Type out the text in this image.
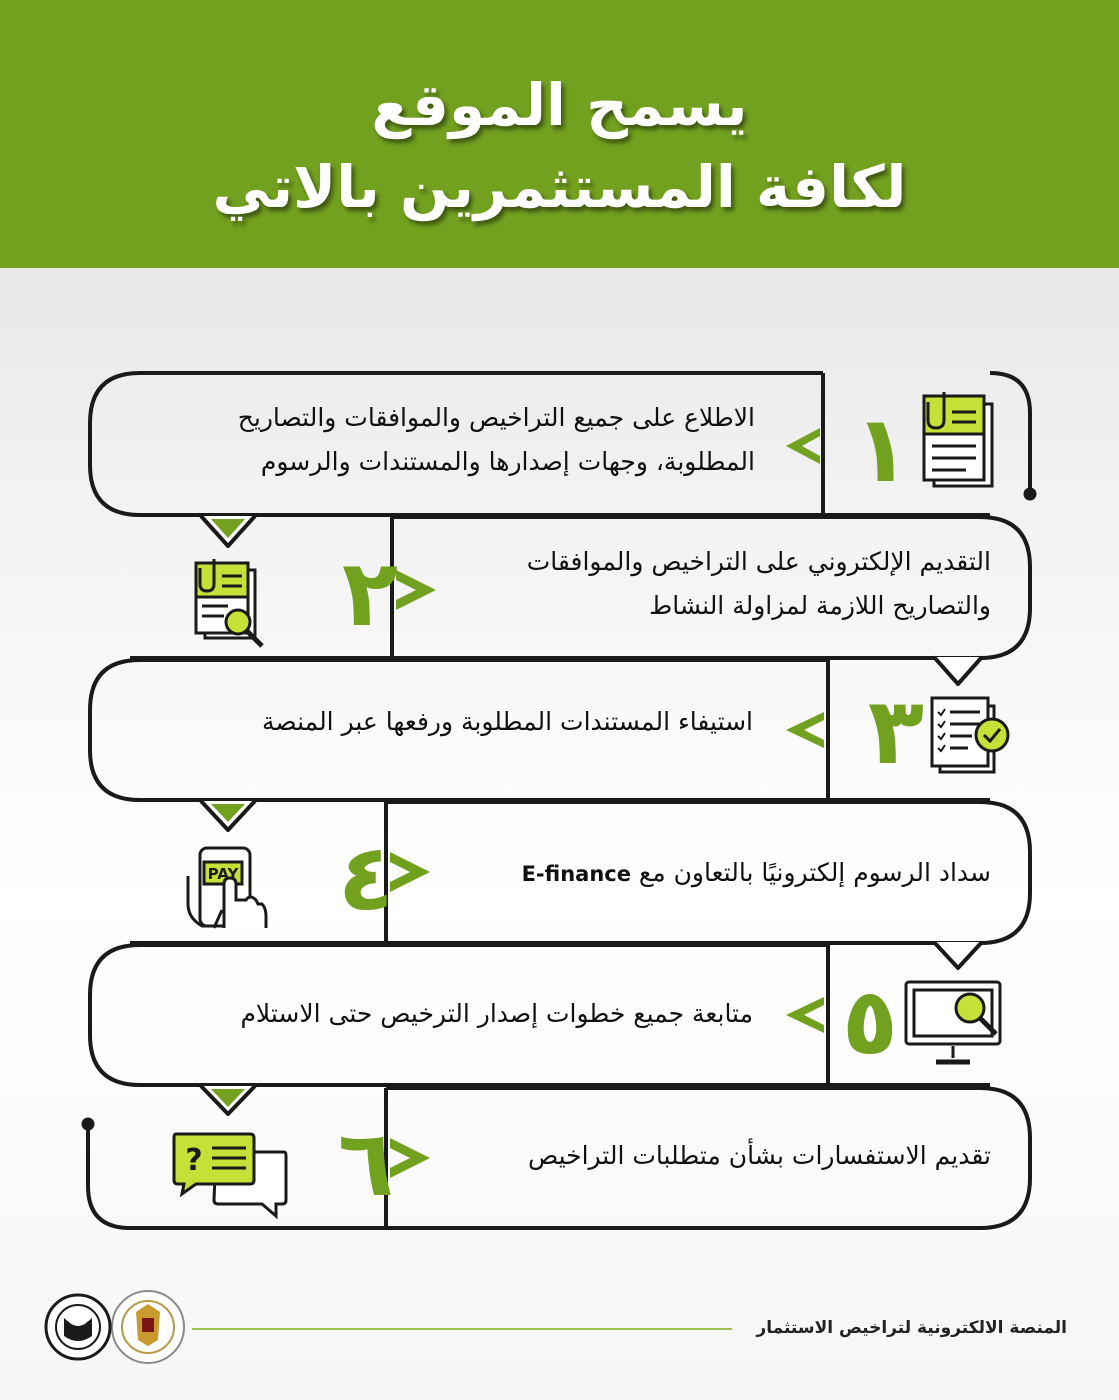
يسمح الموقع
لكافة المستثمرين بالاتي
PAY
?
١
٢
٣
٤
٥
٦
الاطلاع على جميع التراخيص والموافقات والتصاريح
المطلوبة، وجهات إصدارها والمستندات والرسوم
التقديم الإلكتروني على التراخيص والموافقات
والتصاريح اللازمة لمزاولة النشاط
استيفاء المستندات المطلوبة ورفعها عبر المنصة
سداد الرسوم إلكترونيًا بالتعاون مع E-finance
متابعة جميع خطوات إصدار الترخيص حتى الاستلام
تقديم الاستفسارات بشأن متطلبات التراخيص
المنصة الالكترونية لتراخيص الاستثمار
